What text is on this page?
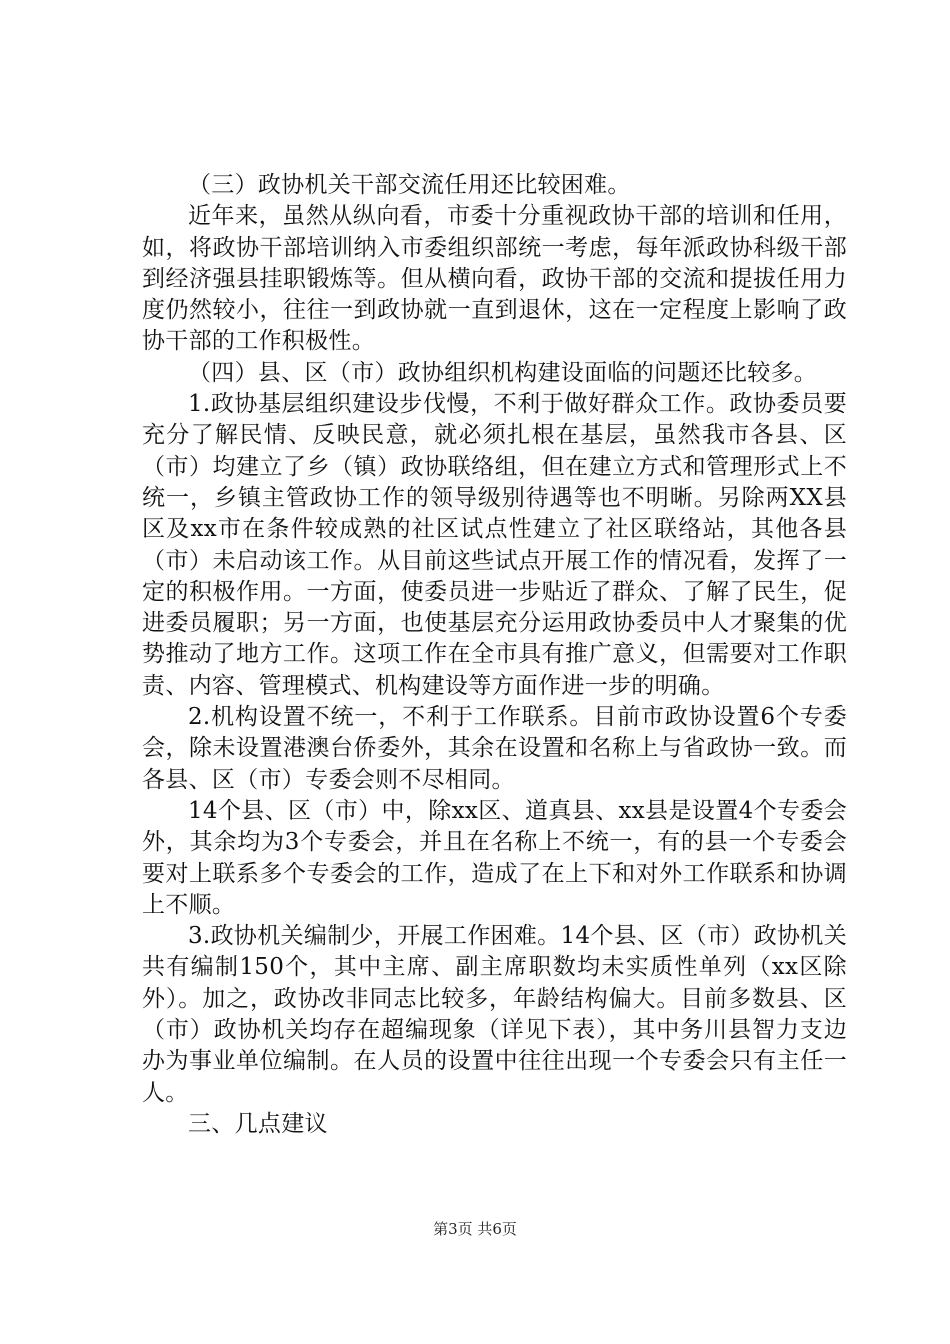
（三）政协机关干部交流任用还比较困难。

近年来，虽然从纵向看，市委十分重视政协干部的培训和任用，如，将政协干部培训纳入市委组织部统一考虑，每年派政协科级干部到经济强县挂职锻炼等。但从横向看，政协干部的交流和提拔任用力度仍然较小，往往一到政协就一直到退休，这在一定程度上影响了政协干部的工作积极性。

（四）县、区（市）政协组织机构建设面临的问题还比较多。

1.政协基层组织建设步伐慢，不利于做好群众工作。政协委员要充分了解民情、反映民意，就必须扎根在基层，虽然我市各县、区（市）均建立了乡（镇）政协联络组，但在建立方式和管理形式上不统一，乡镇主管政协工作的领导级别待遇等也不明晰。另除两XX县区及xx市在条件较成熟的社区试点性建立了社区联络站，其他各县（市）未启动该工作。从目前这些试点开展工作的情况看，发挥了一定的积极作用。一方面，使委员进一步贴近了群众、了解了民生，促进委员履职；另一方面，也使基层充分运用政协委员中人才聚集的优势推动了地方工作。这项工作在全市具有推广意义，但需要对工作职责、内容、管理模式、机构建设等方面作进一步的明确。

2.机构设置不统一，不利于工作联系。目前市政协设置6个专委会，除未设置港澳台侨委外，其余在设置和名称上与省政协一致。而各县、区（市）专委会则不尽相同。

14个县、区（市）中，除xx区、道真县、xx县是设置4个专委会外，其余均为3个专委会，并且在名称上不统一，有的县一个专委会要对上联系多个专委会的工作，造成了在上下和对外工作联系和协调上不顺。

3.政协机关编制少，开展工作困难。14个县、区（市）政协机关共有编制150个，其中主席、副主席职数均未实质性单列（xx区除外）。加之，政协改非同志比较多，年龄结构偏大。目前多数县、区（市）政协机关均存在超编现象（详见下表），其中务川县智力支边办为事业单位编制。在人员的设置中往往出现一个专委会只有主任一人。

三、几点建议

第3页 共6页
